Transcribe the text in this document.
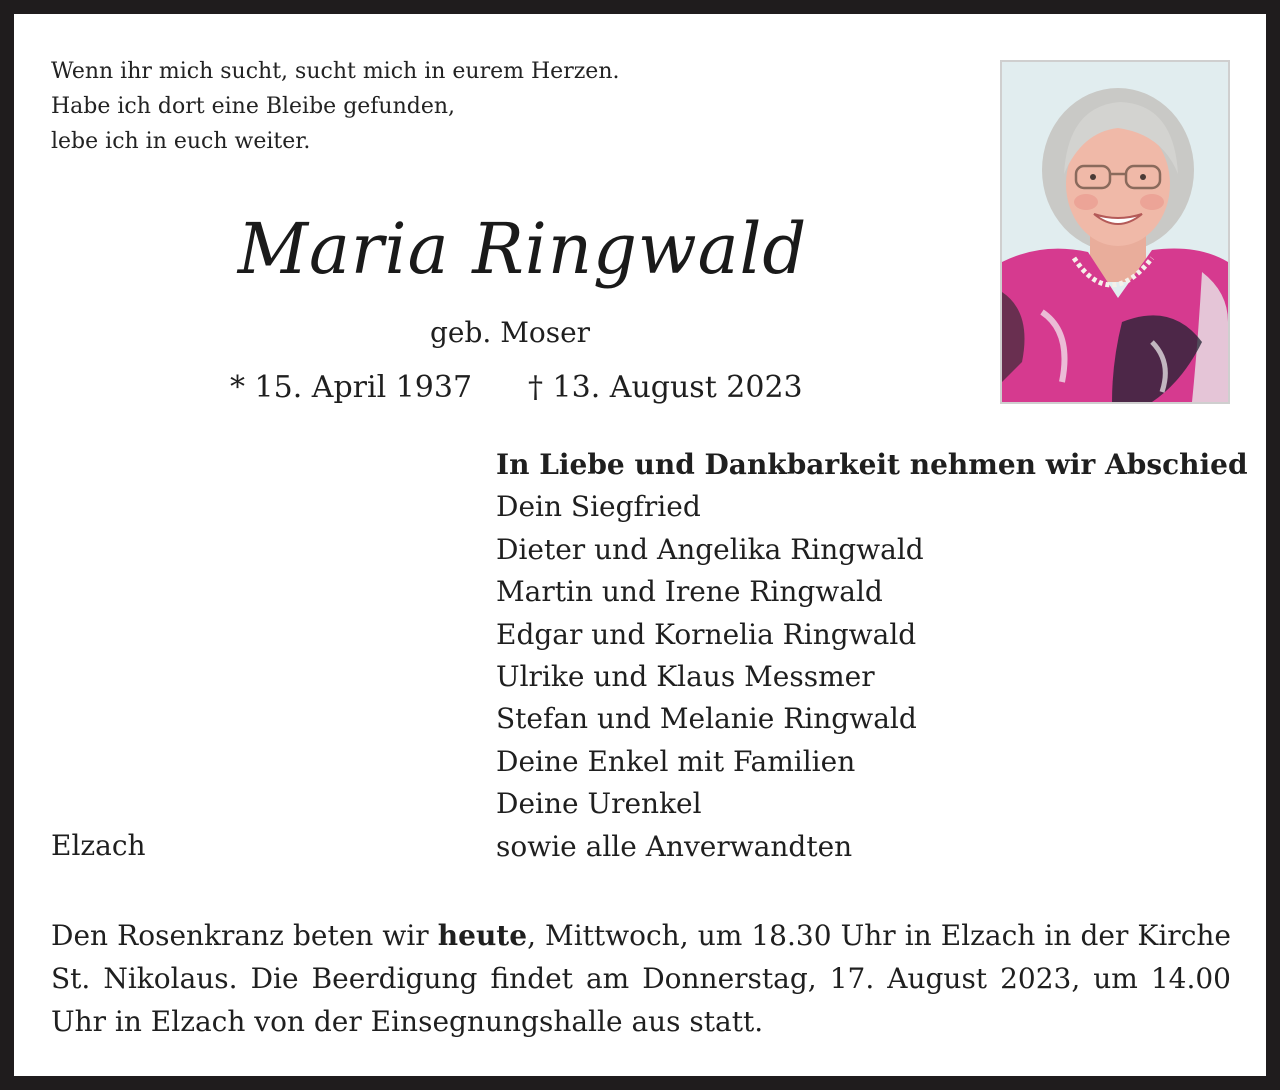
Wenn ihr mich sucht, sucht mich in eurem Herzen.
Habe ich dort eine Bleibe gefunden,
lebe ich in euch weiter.
Maria Ringwald
geb. Moser
* 15. April 1937 † 13. August 2023
In Liebe und Dankbarkeit nehmen wir Abschied
Dein Siegfried
Dieter und Angelika Ringwald
Martin und Irene Ringwald
Edgar und Kornelia Ringwald
Ulrike und Klaus Messmer
Stefan und Melanie Ringwald
Deine Enkel mit Familien
Deine Urenkel
sowie alle Anverwandten
Elzach
Den Rosenkranz beten wir heute, Mittwoch, um 18.30 Uhr in Elzach in der Kirche St. Nikolaus. Die Beerdigung findet am Donnerstag, 17. August 2023, um 14.00 Uhr in Elzach von der Einsegnungshalle aus statt.
